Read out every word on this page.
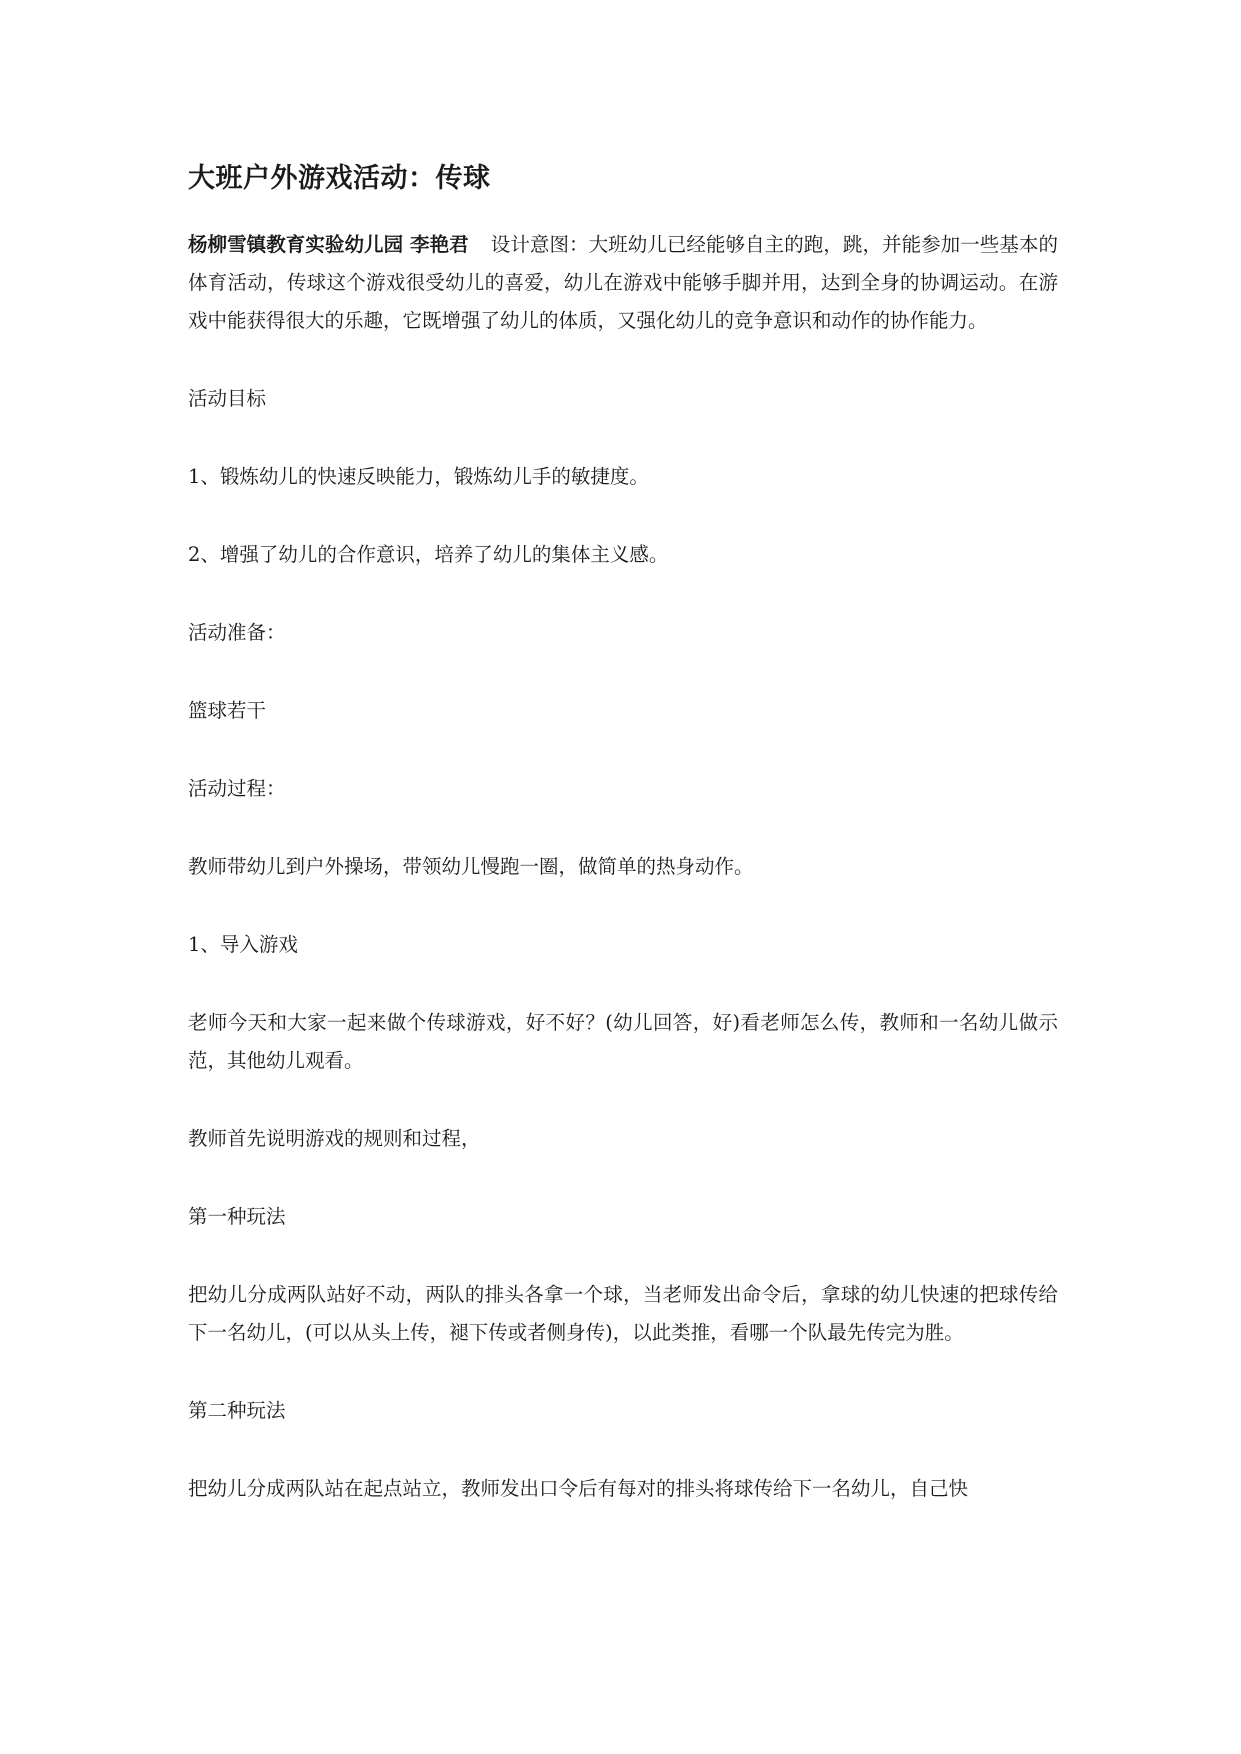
大班户外游戏活动：传球

杨柳雪镇教育实验幼儿园 李艳君 设计意图：大班幼儿已经能够自主的跑，跳，并能参加一些基本的体育活动，传球这个游戏很受幼儿的喜爱，幼儿在游戏中能够手脚并用，达到全身的协调运动。在游戏中能获得很大的乐趣，它既增强了幼儿的体质，又强化幼儿的竞争意识和动作的协作能力。

活动目标

1、锻炼幼儿的快速反映能力，锻炼幼儿手的敏捷度。

2、增强了幼儿的合作意识，培养了幼儿的集体主义感。

活动准备：

篮球若干

活动过程：

教师带幼儿到户外操场，带领幼儿慢跑一圈，做简单的热身动作。

1、导入游戏

老师今天和大家一起来做个传球游戏，好不好？(幼儿回答，好)看老师怎么传，教师和一名幼儿做示范，其他幼儿观看。

教师首先说明游戏的规则和过程，

第一种玩法

把幼儿分成两队站好不动，两队的排头各拿一个球，当老师发出命令后，拿球的幼儿快速的把球传给下一名幼儿，(可以从头上传，褪下传或者侧身传)，以此类推，看哪一个队最先传完为胜。

第二种玩法

把幼儿分成两队站在起点站立，教师发出口令后有每对的排头将球传给下一名幼儿，自己快
